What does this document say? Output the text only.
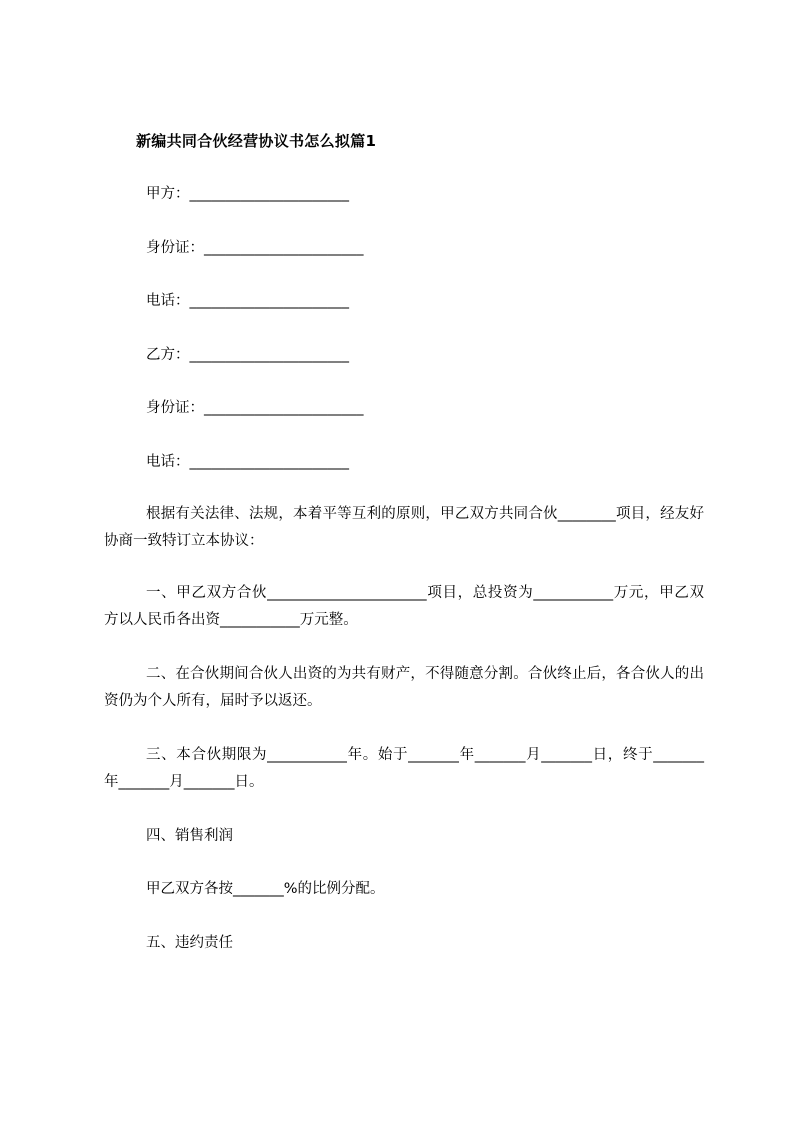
新编共同合伙经营协议书怎么拟篇1
甲方：______________________
身份证：______________________
电话：______________________
乙方：______________________
身份证：______________________
电话：______________________
根据有关法律、法规，本着平等互利的原则，甲乙双方共同合伙________项目，经友好协商一致特订立本协议：
一、甲乙双方合伙______________________项目，总投资为___________万元，甲乙双方以人民币各出资___________万元整。
二、在合伙期间合伙人出资的为共有财产，不得随意分割。合伙终止后，各合伙人的出资仍为个人所有，届时予以返还。
三、本合伙期限为___________年。始于_______年_______月_______日，终于_______年_______月_______日。
四、销售利润
甲乙双方各按_______%的比例分配。
五、违约责任
